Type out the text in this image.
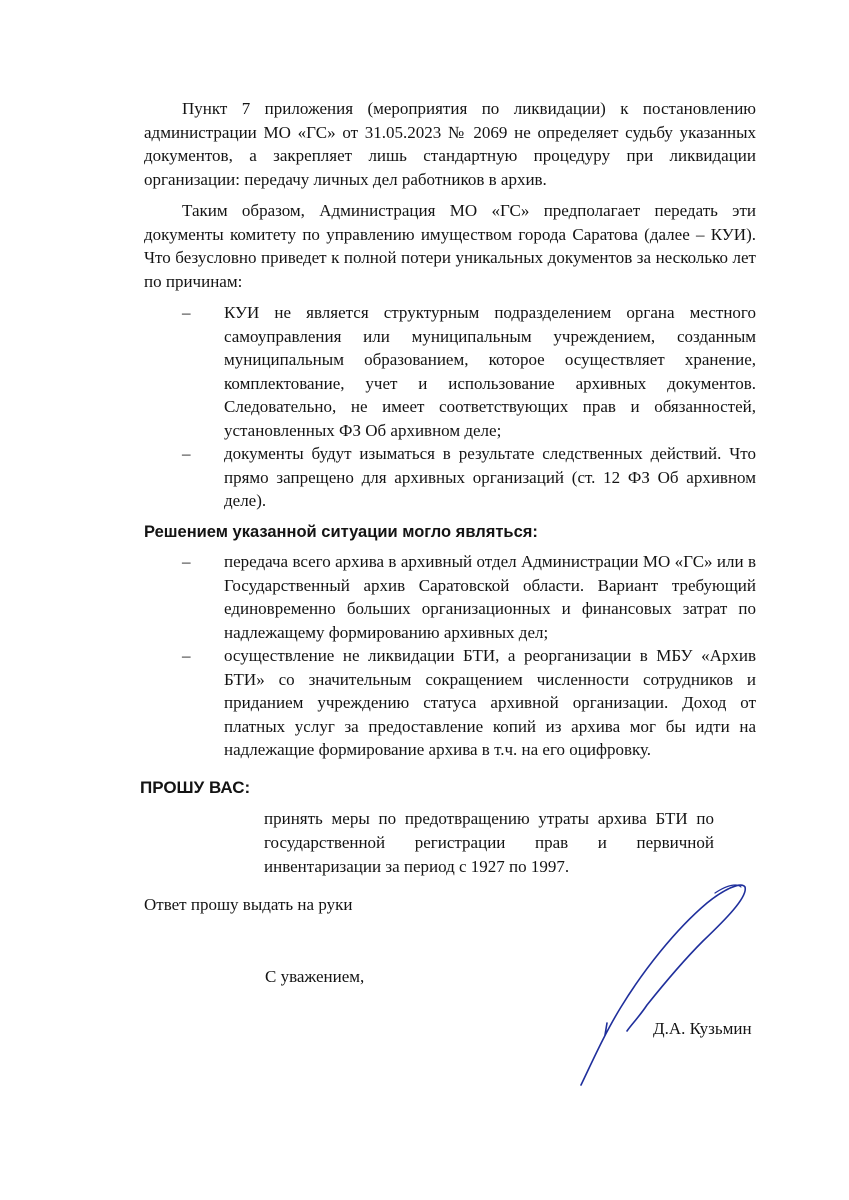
Пункт 7 приложения (мероприятия по ликвидации) к постановлению администрации МО «ГС» от 31.05.2023 № 2069 не определяет судьбу указанных документов, а закрепляет лишь стандартную процедуру при ликвидации организации: передачу личных дел работников в архив.

Таким образом, Администрация МО «ГС» предполагает передать эти документы комитету по управлению имуществом города Саратова (далее – КУИ). Что безусловно приведет к полной потери уникальных документов за несколько лет по причинам:

– КУИ не является структурным подразделением органа местного самоуправления или муниципальным учреждением, созданным муниципальным образованием, которое осуществляет хранение, комплектование, учет и использование архивных документов. Следовательно, не имеет соответствующих прав и обязанностей, установленных ФЗ Об архивном деле;
– документы будут изыматься в результате следственных действий. Что прямо запрещено для архивных организаций (ст. 12 ФЗ Об архивном деле).
Решением указанной ситуации могло являться:
– передача всего архива в архивный отдел Администрации МО «ГС» или в Государственный архив Саратовской области. Вариант требующий единовременно больших организационных и финансовых затрат по надлежащему формированию архивных дел;
– осуществление не ликвидации БТИ, а реорганизации в МБУ «Архив БТИ» со значительным сокращением численности сотрудников и приданием учреждению статуса архивной организации. Доход от платных услуг за предоставление копий из архива мог бы идти на надлежащие формирование архива в т.ч. на его оцифровку.
ПРОШУ ВАС:
принять меры по предотвращению утраты архива БТИ по государственной регистрации прав и первичной инвентаризации за период с 1927 по 1997.
Ответ прошу выдать на руки
С уважением,
Д.А. Кузьмин
